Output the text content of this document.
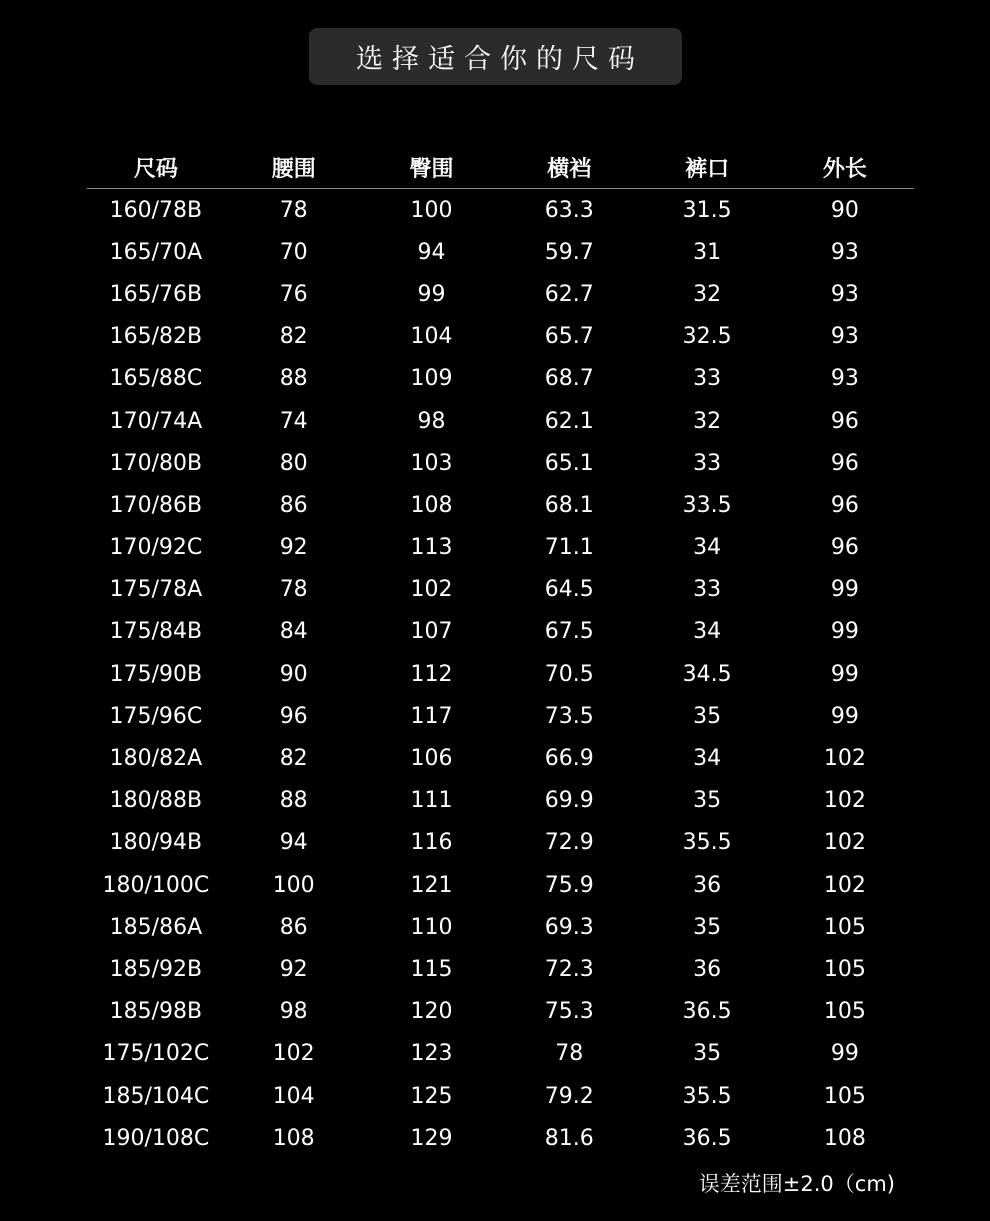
选择适合你的尺码
尺码	腰围	臀围	横裆	裤口	外长
160/78B	78	100	63.3	31.5	90
165/70A	70	94	59.7	31	93
165/76B	76	99	62.7	32	93
165/82B	82	104	65.7	32.5	93
165/88C	88	109	68.7	33	93
170/74A	74	98	62.1	32	96
170/80B	80	103	65.1	33	96
170/86B	86	108	68.1	33.5	96
170/92C	92	113	71.1	34	96
175/78A	78	102	64.5	33	99
175/84B	84	107	67.5	34	99
175/90B	90	112	70.5	34.5	99
175/96C	96	117	73.5	35	99
180/82A	82	106	66.9	34	102
180/88B	88	111	69.9	35	102
180/94B	94	116	72.9	35.5	102
180/100C	100	121	75.9	36	102
185/86A	86	110	69.3	35	105
185/92B	92	115	72.3	36	105
185/98B	98	120	75.3	36.5	105
175/102C	102	123	78	35	99
185/104C	104	125	79.2	35.5	105
190/108C	108	129	81.6	36.5	108
误差范围±2.0（cm)
